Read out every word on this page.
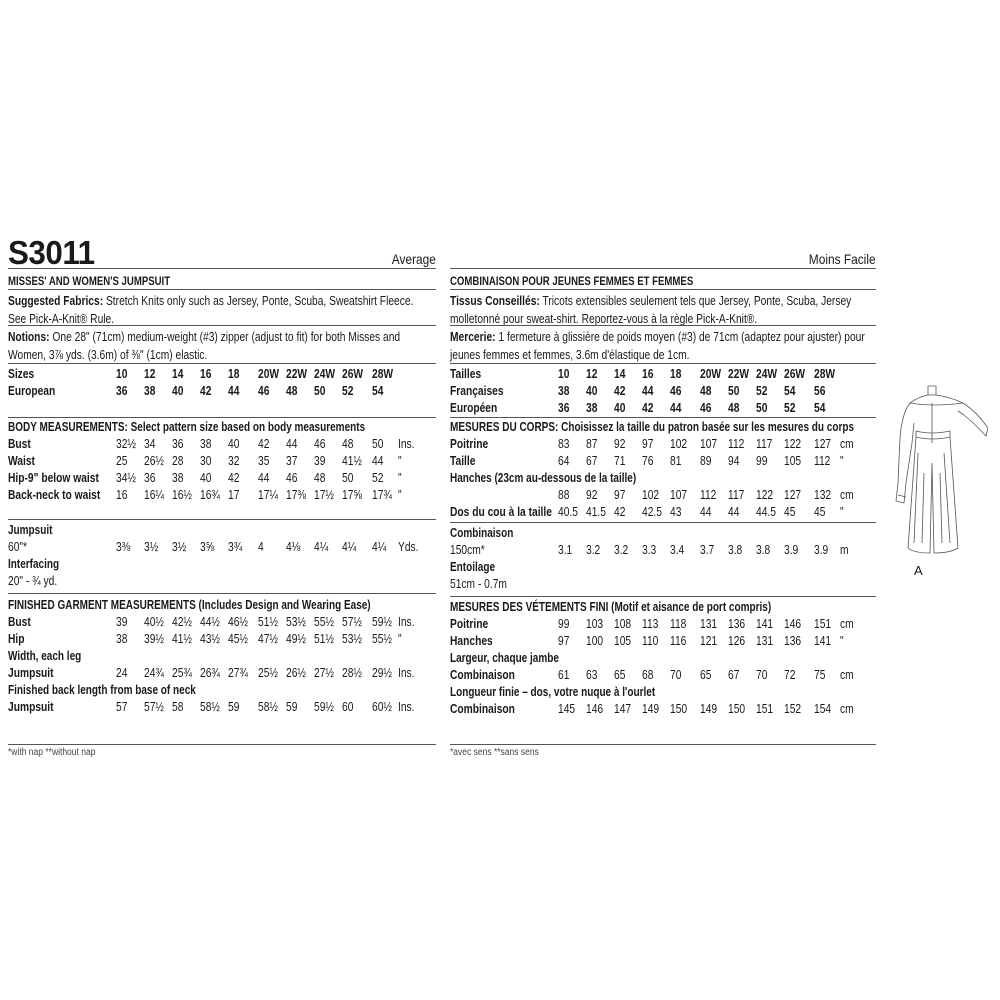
S3011	Average
MISSES' AND WOMEN'S JUMPSUIT
Suggested Fabrics: Stretch Knits only such as Jersey, Ponte, Scuba, Sweatshirt Fleece. See Pick-A-Knit® Rule.
Notions: One 28" (71cm) medium-weight (#3) zipper (adjust to fit) for both Misses and Women, 3⅞ yds. (3.6m) of ⅜" (1cm) elastic.
Sizes	10 12 14 16 18 20W 22W 24W 26W 28W
European	36 38 40 42 44 46 48 50 52 54
BODY MEASUREMENTS: Select pattern size based on body measurements
Bust	32½ 34 36 38 40 42 44 46 48 50 Ins.
Waist	25 26½ 28 30 32 35 37 39 41½ 44 "
Hip-9" below waist 34½ 36 38 40 42 44 46 48 50 52 "
Back-neck to waist 16 16¼ 16½ 16¾ 17 17¼ 17⅜ 17½ 17⅝ 17¾ "
Jumpsuit
60"*	3⅜ 3½ 3½ 3⅝ 3¾ 4 4⅛ 4¼ 4¼ 4¼ Yds.
Interfacing
20" - ¾ yd.
FINISHED GARMENT MEASUREMENTS (Includes Design and Wearing Ease)
Bust	39 40½ 42½ 44½ 46½ 51½ 53½ 55½ 57½ 59½ Ins.
Hip	38 39½ 41½ 43½ 45½ 47½ 49½ 51½ 53½ 55½ "
Width, each leg
Jumpsuit	24 24¾ 25¾ 26¾ 27¾ 25½ 26½ 27½ 28½ 29½ Ins.
Finished back length from base of neck
Jumpsuit	57 57½ 58 58½ 59 58½ 59 59½ 60 60½ Ins.
*with nap **without nap
Moins Facile
COMBINAISON POUR JEUNES FEMMES ET FEMMES
Tissus Conseillés: Tricots extensibles seulement tels que Jersey, Ponte, Scuba, Jersey molletonné pour sweat-shirt. Reportez-vous à la règle Pick-A-Knit®.
Mercerie: 1 fermeture à glissière de poids moyen (#3) de 71cm (adaptez pour ajuster) pour jeunes femmes et femmes, 3.6m d'élastique de 1cm.
Tailles	10 12 14 16 18 20W 22W 24W 26W 28W
Françaises	38 40 42 44 46 48 50 52 54 56
Européen	36 38 40 42 44 46 48 50 52 54
MESURES DU CORPS: Choisissez la taille du patron basée sur les mesures du corps
Poitrine	83 87 92 97 102 107 112 117 122 127 cm
Taille	64 67 71 76 81 89 94 99 105 112 "
Hanches (23cm au-dessous de la taille)
88 92 97 102 107 112 117 122 127 132 cm
Dos du cou à la taille 40.5 41.5 42 42.5 43 44 44 44.5 45 45 "
Combinaison
150cm*	3.1 3.2 3.2 3.3 3.4 3.7 3.8 3.8 3.9 3.9 m
Entoilage
51cm - 0.7m
MESURES DES VÉTEMENTS FINI (Motif et aisance de port compris)
Poitrine	99 103 108 113 118 131 136 141 146 151 cm
Hanches	97 100 105 110 116 121 126 131 136 141 "
Largeur, chaque jambe
Combinaison	61 63 65 68 70 65 67 70 72 75 cm
Longueur finie – dos, votre nuque à l'ourlet
Combinaison	145 146 147 149 150 149 150 151 152 154 cm
*avec sens **sans sens
A
